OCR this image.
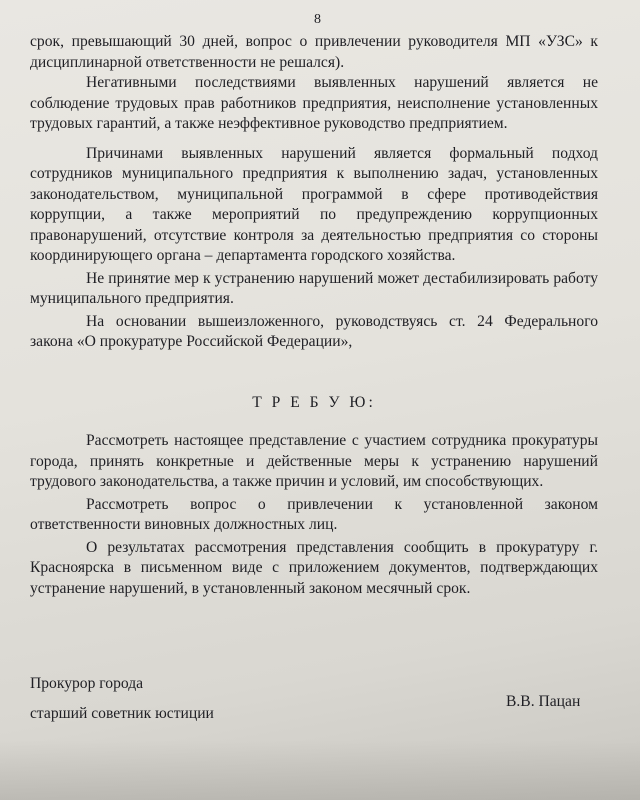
8

срок, превышающий 30 дней, вопрос о привлечении руководителя МП «УЗС» к дисциплинарной ответственности не решался).

Негативными последствиями выявленных нарушений является не соблюдение трудовых прав работников предприятия, неисполнение установленных трудовых гарантий, а также неэффективное руководство предприятием.

Причинами выявленных нарушений является формальный подход сотрудников муниципального предприятия к выполнению задач, установленных законодательством, муниципальной программой в сфере противодействия коррупции, а также мероприятий по предупреждению коррупционных правонарушений, отсутствие контроля за деятельностью предприятия со стороны координирующего органа – департамента городского хозяйства.

Не принятие мер к устранению нарушений может дестабилизировать работу муниципального предприятия.

На основании вышеизложенного, руководствуясь ст. 24 Федерального закона «О прокуратуре Российской Федерации»,

Т Р Е Б У Ю:

Рассмотреть настоящее представление с участием сотрудника прокуратуры города, принять конкретные и действенные меры к устранению нарушений трудового законодательства, а также причин и условий, им способствующих.

Рассмотреть вопрос о привлечении к установленной законом ответственности виновных должностных лиц.

О результатах рассмотрения представления сообщить в прокуратуру г. Красноярска в письменном виде с приложением документов, подтверждающих устранение нарушений, в установленный законом месячный срок.

Прокурор города
старший советник юстиции
В.В. Пацан
